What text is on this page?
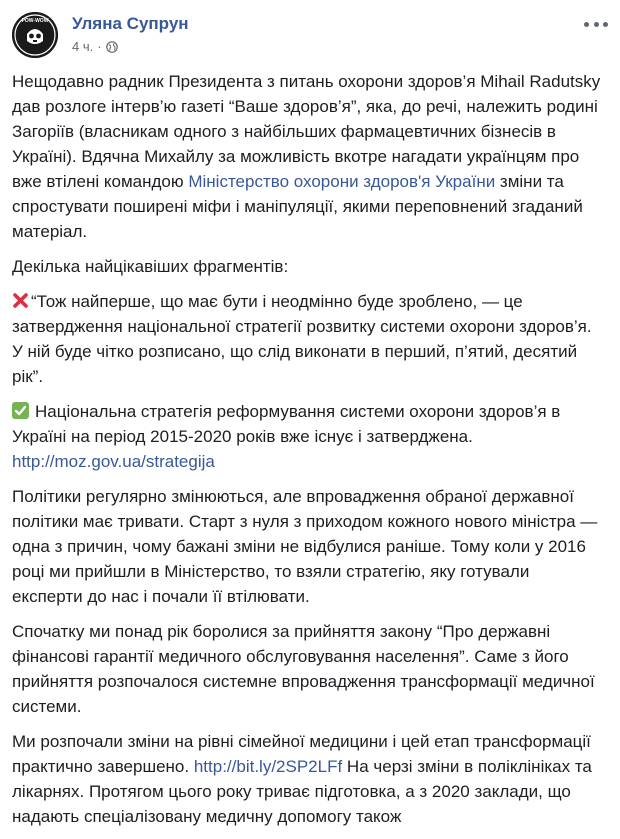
POW-WOW Уляна Супрун
4 ч. ·

Нещодавно радник Президента з питань охорони здоров’я Mihail Radutsky дав розлоге інтерв’ю газеті “Ваше здоров’я”, яка, до речі, належить родині Загоріїв (власникам одного з найбільших фармацевтичних бізнесів в Україні). Вдячна Михайлу за можливість вкотре нагадати українцям про вже втілені командою Міністерство охорони здоров'я України зміни та спростувати поширені міфи і маніпуляції, якими переповнений згаданий матеріал.

Декілька найцікавіших фрагментів:

“Тож найперше, що має бути і неодмінно буде зроблено, — це затвердження національної стратегії розвитку системи охорони здоров’я. У ній буде чітко розписано, що слід виконати в перший, п’ятий, десятий рік”.

Національна стратегія реформування системи охорони здоров’я в Україні на період 2015-2020 років вже існує і затверджена. http://moz.gov.ua/strategija

Політики регулярно змінюються, але впровадження обраної державної політики має тривати. Старт з нуля з приходом кожного нового міністра — одна з причин, чому бажані зміни не відбулися раніше. Тому коли у 2016 році ми прийшли в Міністерство, то взяли стратегію, яку готували експерти до нас і почали її втілювати.

Спочатку ми понад рік боролися за прийняття закону “Про державні фінансові гарантії медичного обслуговування населення”. Саме з його прийняття розпочалося системне впровадження трансформації медичної системи.

Ми розпочали зміни на рівні сімейної медицини і цей етап трансформації практично завершено. http://bit.ly/2SP2LFf На черзі зміни в поліклініках та лікарнях. Протягом цього року триває підготовка, а з 2020 заклади, що надають спеціалізовану медичну допомогу також
